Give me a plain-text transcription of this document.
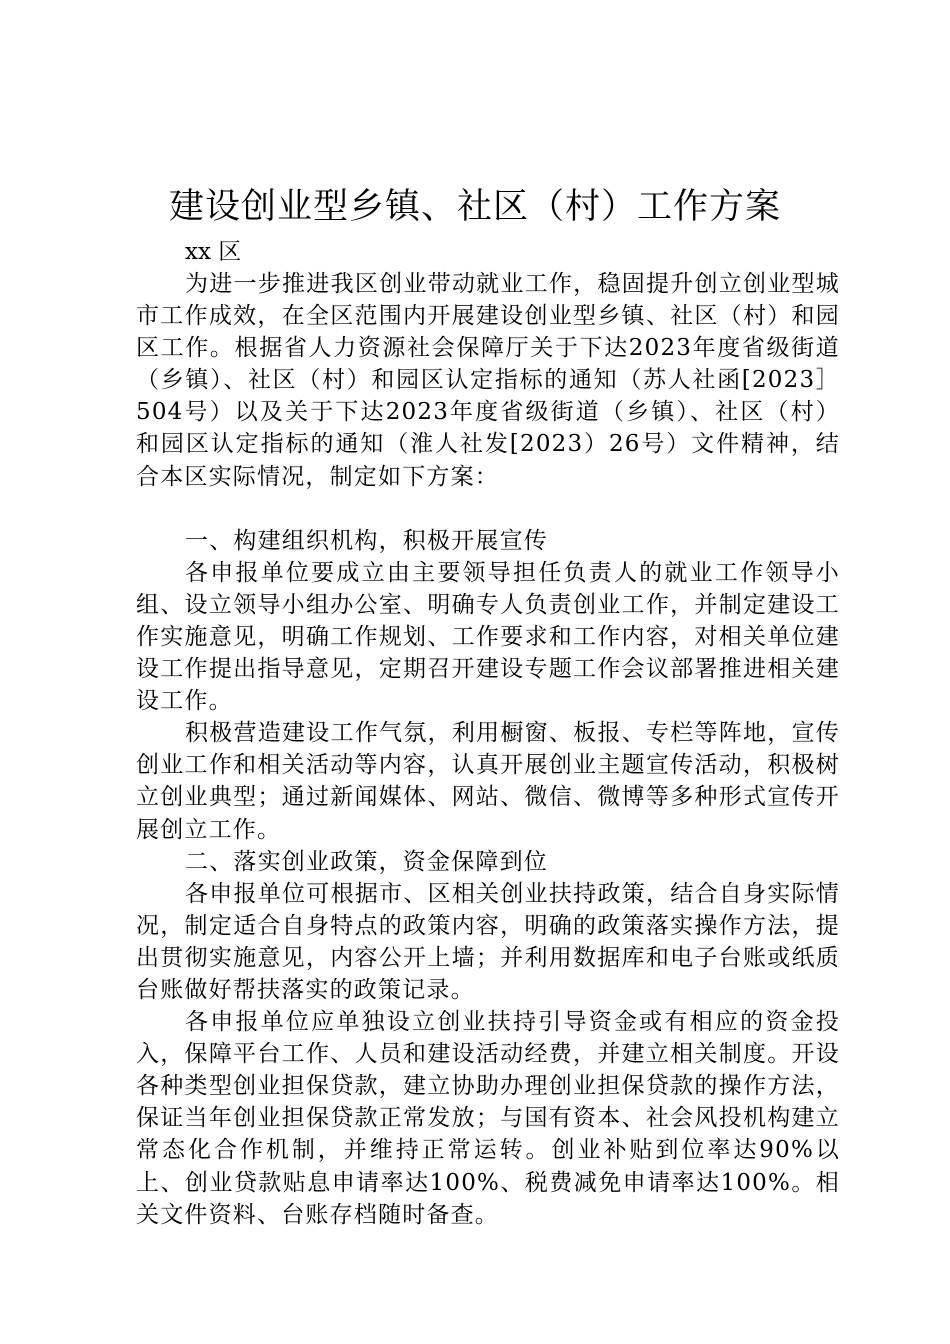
建设创业型乡镇、社区（村）工作方案

xx 区

为进一步推进我区创业带动就业工作，稳固提升创立创业型城市工作成效，在全区范围内开展建设创业型乡镇、社区（村）和园区工作。根据省人力资源社会保障厅关于下达2023年度省级街道（乡镇）、社区（村）和园区认定指标的通知（苏人社函[2023］504号）以及关于下达2023年度省级街道（乡镇）、社区（村）和园区认定指标的通知（淮人社发[2023）26号）文件精神，结合本区实际情况，制定如下方案：

一、构建组织机构，积极开展宣传

各申报单位要成立由主要领导担任负责人的就业工作领导小组、设立领导小组办公室、明确专人负责创业工作，并制定建设工作实施意见，明确工作规划、工作要求和工作内容，对相关单位建设工作提出指导意见，定期召开建设专题工作会议部署推进相关建设工作。

积极营造建设工作气氛，利用橱窗、板报、专栏等阵地，宣传创业工作和相关活动等内容，认真开展创业主题宣传活动，积极树立创业典型；通过新闻媒体、网站、微信、微博等多种形式宣传开展创立工作。

二、落实创业政策，资金保障到位

各申报单位可根据市、区相关创业扶持政策，结合自身实际情况，制定适合自身特点的政策内容，明确的政策落实操作方法，提出贯彻实施意见，内容公开上墙；并利用数据库和电子台账或纸质台账做好帮扶落实的政策记录。

各申报单位应单独设立创业扶持引导资金或有相应的资金投入，保障平台工作、人员和建设活动经费，并建立相关制度。开设各种类型创业担保贷款，建立协助办理创业担保贷款的操作方法，保证当年创业担保贷款正常发放；与国有资本、社会风投机构建立常态化合作机制，并维持正常运转。创业补贴到位率达90%以上、创业贷款贴息申请率达100%、税费减免申请率达100%。相关文件资料、台账存档随时备查。
